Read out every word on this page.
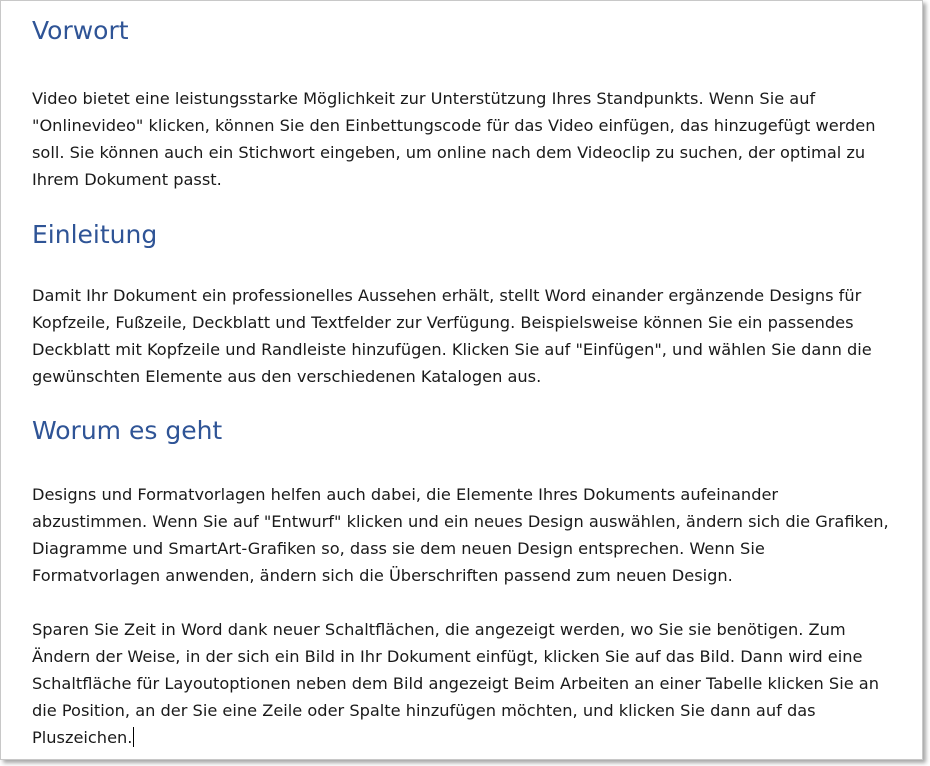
Vorwort

Video bietet eine leistungsstarke Möglichkeit zur Unterstützung Ihres Standpunkts. Wenn Sie auf "Onlinevideo" klicken, können Sie den Einbettungscode für das Video einfügen, das hinzugefügt werden soll. Sie können auch ein Stichwort eingeben, um online nach dem Videoclip zu suchen, der optimal zu Ihrem Dokument passt.

Einleitung

Damit Ihr Dokument ein professionelles Aussehen erhält, stellt Word einander ergänzende Designs für Kopfzeile, Fußzeile, Deckblatt und Textfelder zur Verfügung. Beispielsweise können Sie ein passendes Deckblatt mit Kopfzeile und Randleiste hinzufügen. Klicken Sie auf "Einfügen", und wählen Sie dann die gewünschten Elemente aus den verschiedenen Katalogen aus.

Worum es geht

Designs und Formatvorlagen helfen auch dabei, die Elemente Ihres Dokuments aufeinander abzustimmen. Wenn Sie auf "Entwurf" klicken und ein neues Design auswählen, ändern sich die Grafiken, Diagramme und SmartArt-Grafiken so, dass sie dem neuen Design entsprechen. Wenn Sie Formatvorlagen anwenden, ändern sich die Überschriften passend zum neuen Design.

Sparen Sie Zeit in Word dank neuer Schaltflächen, die angezeigt werden, wo Sie sie benötigen. Zum Ändern der Weise, in der sich ein Bild in Ihr Dokument einfügt, klicken Sie auf das Bild. Dann wird eine Schaltfläche für Layoutoptionen neben dem Bild angezeigt Beim Arbeiten an einer Tabelle klicken Sie an die Position, an der Sie eine Zeile oder Spalte hinzufügen möchten, und klicken Sie dann auf das Pluszeichen.
